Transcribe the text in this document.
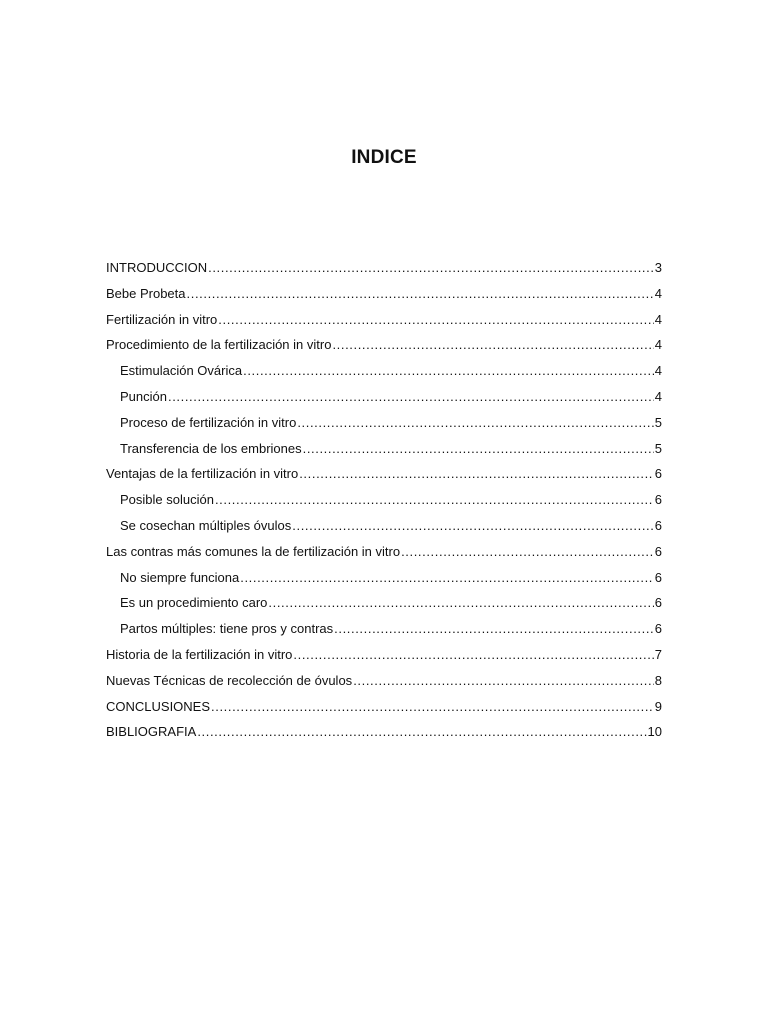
INDICE
INTRODUCCION .....	3
Bebe Probeta .....	4
Fertilización in vitro .....	4
Procedimiento de la fertilización in vitro .....	4
Estimulación Ovárica .....	4
Punción .....	4
Proceso de fertilización in vitro .....	5
Transferencia de los embriones .....	5
Ventajas de la fertilización in vitro .....	6
Posible solución .....	6
Se cosechan múltiples óvulos .....	6
Las contras más comunes la de fertilización in vitro .....	6
No siempre funciona .....	6
Es un procedimiento caro .....	6
Partos múltiples: tiene pros y contras .....	6
Historia de la fertilización in vitro .....	7
Nuevas Técnicas de recolección de óvulos .....	8
CONCLUSIONES .....	9
BIBLIOGRAFIA .....	10
